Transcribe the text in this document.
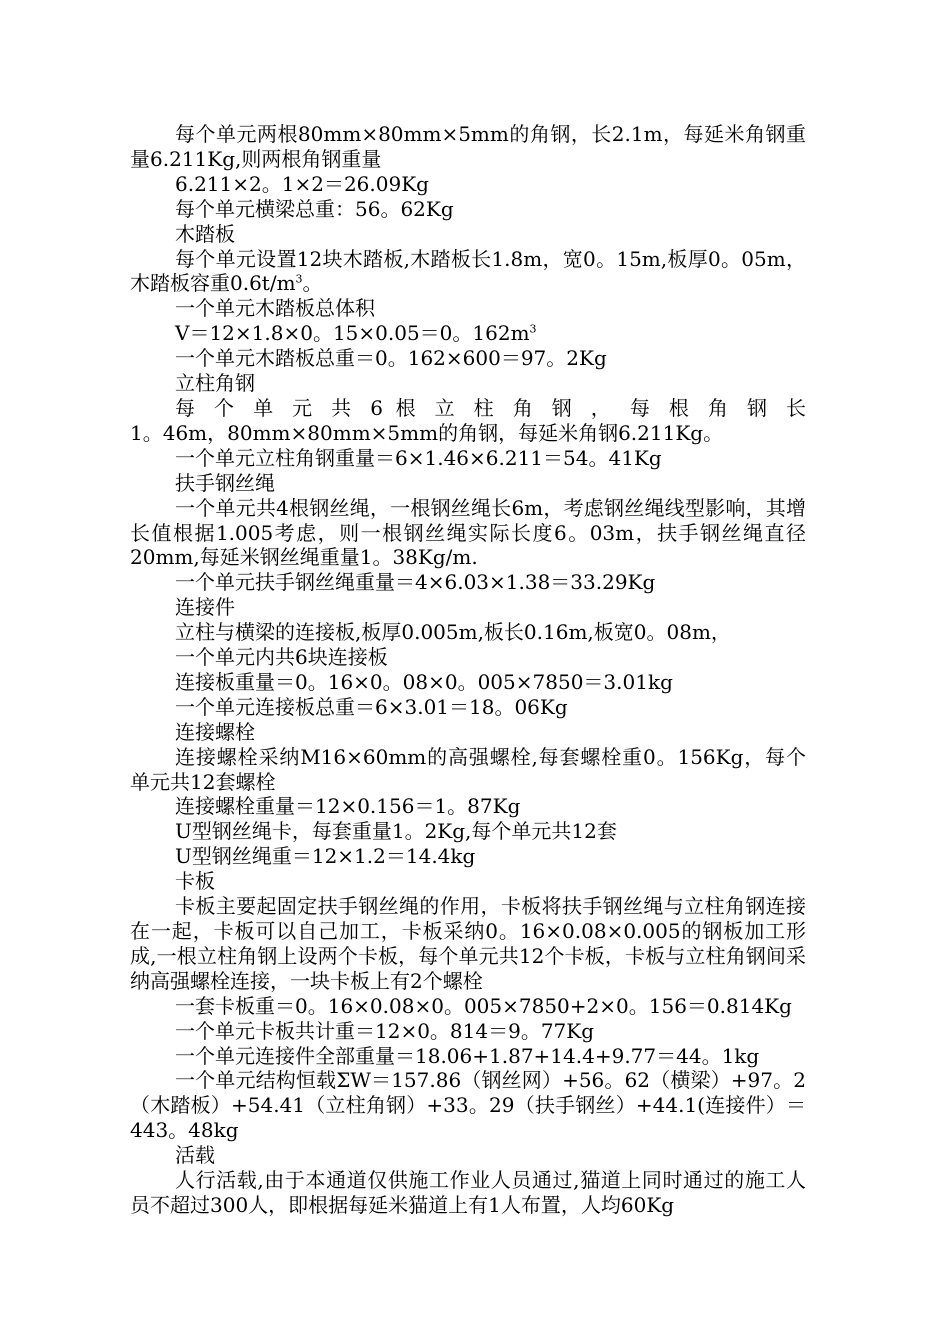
每个单元两根80mm×80mm×5mm的角钢，长2.1m，每延米角钢重量6.211Kg,则两根角钢重量

6.211×2。1×2＝26.09Kg

每个单元横梁总重：56。62Kg

木踏板

每个单元设置12块木踏板,木踏板长1.8m，宽0。15m,板厚0。05m，木踏板容重$0.6t/m^3$。

一个单元木踏板总体积

V＝12×1.8×0。15×0.05＝0。$162m^3$

一个单元木踏板总重＝0。162×600＝97。2Kg

立柱角钢

每 个 单 元 共 6 根 立 柱 角 钢 ， 每 根 角 钢 长

1。46m，80mm×80mm×5mm的角钢，每延米角钢6.211Kg。

一个单元立柱角钢重量＝6×1.46×6.211＝54。41Kg

扶手钢丝绳

一个单元共4根钢丝绳，一根钢丝绳长6m，考虑钢丝绳线型影响，其增长值根据1.005考虑，则一根钢丝绳实际长度6。03m，扶手钢丝绳直径20mm,每延米钢丝绳重量1。38Kg/m.

一个单元扶手钢丝绳重量＝4×6.03×1.38＝33.29Kg

连接件

立柱与横梁的连接板,板厚0.005m,板长0.16m,板宽0。08m，

一个单元内共6块连接板

连接板重量＝0。16×0。08×0。005×7850＝3.01kg

一个单元连接板总重＝6×3.01＝18。06Kg

连接螺栓

连接螺栓采纳M16×60mm的高强螺栓,每套螺栓重0。156Kg，每个单元共12套螺栓

连接螺栓重量＝12×0.156＝1。87Kg

U型钢丝绳卡，每套重量1。2Kg,每个单元共12套

U型钢丝绳重＝12×1.2＝14.4kg

卡板

卡板主要起固定扶手钢丝绳的作用，卡板将扶手钢丝绳与立柱角钢连接在一起，卡板可以自己加工，卡板采纳0。16×0.08×0.005的钢板加工形成,一根立柱角钢上设两个卡板，每个单元共12个卡板，卡板与立柱角钢间采纳高强螺栓连接，一块卡板上有2个螺栓

一套卡板重＝0。16×0.08×0。005×7850+2×0。156＝0.814Kg

一个单元卡板共计重＝12×0。814＝9。77Kg

一个单元连接件全部重量＝18.06+1.87+14.4+9.77＝44。1kg

一个单元结构恒载ΣW＝157.86（钢丝网）+56。62（横梁）+97。2（木踏板）+54.41（立柱角钢）+33。29（扶手钢丝）+44.1(连接件）＝443。48kg

活载

人行活载,由于本通道仅供施工作业人员通过,猫道上同时通过的施工人员不超过300人，即根据每延米猫道上有1人布置，人均60Kg
